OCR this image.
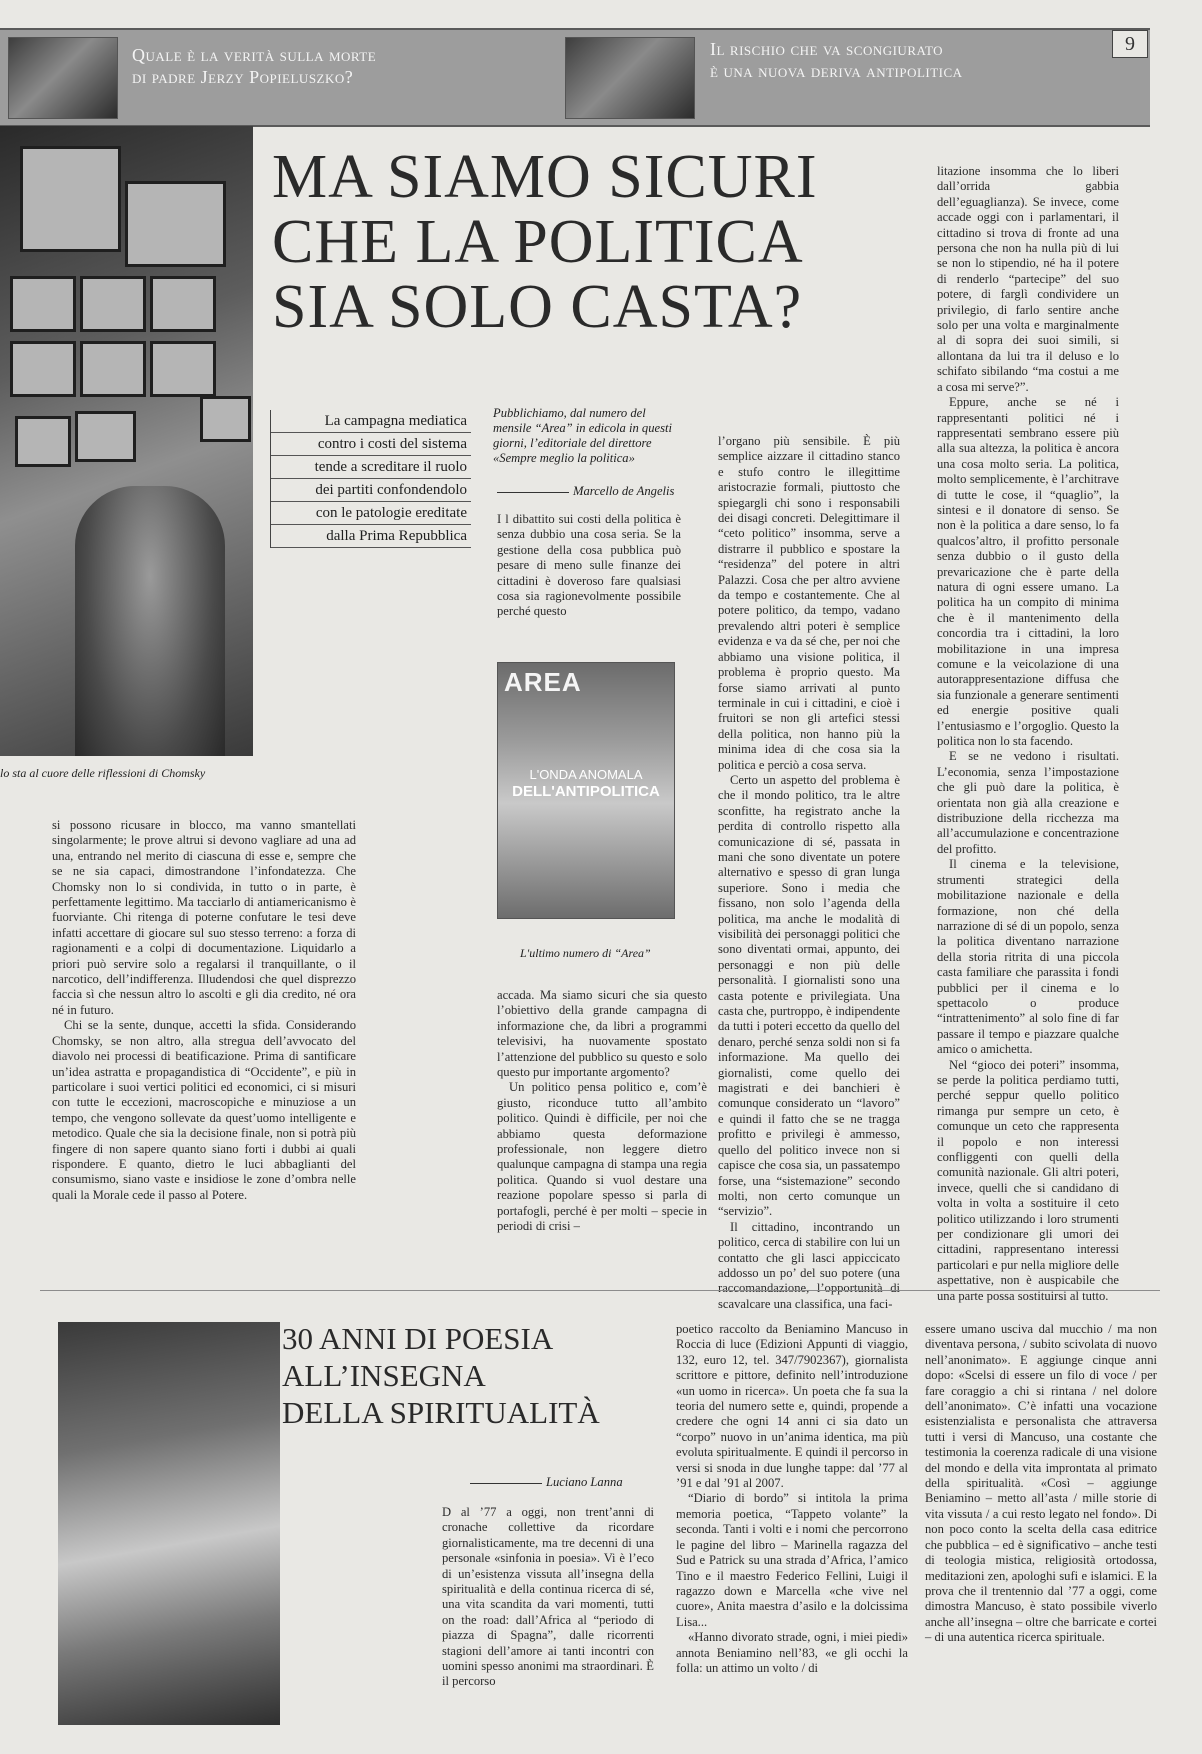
Quale è la verità sulla morte
di padre Jerzy Popieluszko?
Il rischio che va scongiurato
è una nuova deriva antipolitica
9
lo sta al cuore delle riflessioni di Chomsky
MA SIAMO SICURI
CHE LA POLITICA
SIA SOLO CASTA?
La campagna mediatica
contro i costi del sistema
tende a screditare il ruolo
dei partiti confondendolo
con le patologie ereditate
dalla Prima Repubblica
Pubblichiamo, dal numero del mensile “Area” in edicola in questi giorni, l’editoriale del direttore «Sempre meglio la politica»
Marcello de Angelis

I l dibattito sui costi della politica è senza dubbio una cosa seria. Se la gestione della cosa pubblica può pesare di meno sulle finanze dei cittadini è doveroso fare qualsiasi cosa sia ragionevolmente possibile perché questo

AREA
L'ONDA ANOMALA
DELL'ANTIPOLITICA
L'ultimo numero di “Area”

si possono ricusare in blocco, ma vanno smantellati singolarmente; le prove altrui si devono vagliare ad una ad una, entrando nel merito di ciascuna di esse e, sempre che se ne sia capaci, dimostrandone l’infondatezza. Che Chomsky non lo si condivida, in tutto o in parte, è perfettamente legittimo. Ma tacciarlo di antiamericanismo è fuorviante. Chi ritenga di poterne confutare le tesi deve infatti accettare di giocare sul suo stesso terreno: a forza di ragionamenti e a colpi di documentazione. Liquidarlo a priori può servire solo a regalarsi il tranquillante, o il narcotico, dell’indifferenza. Illudendosi che quel disprezzo faccia sì che nessun altro lo ascolti e gli dia credito, né ora né in futuro.

Chi se la sente, dunque, accetti la sfida. Considerando Chomsky, se non altro, alla stregua dell’avvocato del diavolo nei processi di beatificazione. Prima di santificare un’idea astratta e propagandistica di “Occidente”, e più in particolare i suoi vertici politici ed economici, ci si misuri con tutte le eccezioni, macroscopiche e minuziose a un tempo, che vengono sollevate da quest’uomo intelligente e metodico. Quale che sia la decisione finale, non si potrà più fingere di non sapere quanto siano forti i dubbi ai quali rispondere. E quanto, dietro le luci abbaglianti del consumismo, siano vaste e insidiose le zone d’ombra nelle quali la Morale cede il passo al Potere.

accada. Ma siamo sicuri che sia questo l’obiettivo della grande campagna di informazione che, da libri a programmi televisivi, ha nuovamente spostato l’attenzione del pubblico su questo e solo questo pur importante argomento?

Un politico pensa politico e, com’è giusto, riconduce tutto all’ambito politico. Quindi è difficile, per noi che abbiamo questa deformazione professionale, non leggere dietro qualunque campagna di stampa una regia politica. Quando si vuol destare una reazione popolare spesso si parla di portafogli, perché è per molti – specie in periodi di crisi –

l’organo più sensibile. È più semplice aizzare il cittadino stanco e stufo contro le illegittime aristocrazie formali, piuttosto che spiegargli chi sono i responsabili dei disagi concreti. Delegittimare il “ceto politico” insomma, serve a distrarre il pubblico e spostare la “residenza” del potere in altri Palazzi. Cosa che per altro avviene da tempo e costantemente. Che al potere politico, da tempo, vadano prevalendo altri poteri è semplice evidenza e va da sé che, per noi che abbiamo una visione politica, il problema è proprio questo. Ma forse siamo arrivati al punto terminale in cui i cittadini, e cioè i fruitori se non gli artefici stessi della politica, non hanno più la minima idea di che cosa sia la politica e perciò a cosa serva.

Certo un aspetto del problema è che il mondo politico, tra le altre sconfitte, ha registrato anche la perdita di controllo rispetto alla comunicazione di sé, passata in mani che sono diventate un potere alternativo e spesso di gran lunga superiore. Sono i media che fissano, non solo l’agenda della politica, ma anche le modalità di visibilità dei personaggi politici che sono diventati ormai, appunto, dei personaggi e non più delle personalità. I giornalisti sono una casta potente e privilegiata. Una casta che, purtroppo, è indipendente da tutti i poteri eccetto da quello del denaro, perché senza soldi non si fa informazione. Ma quello dei giornalisti, come quello dei magistrati e dei banchieri è comunque considerato un “lavoro” e quindi il fatto che se ne tragga profitto e privilegi è ammesso, quello del politico invece non si capisce che cosa sia, un passatempo forse, una “sistemazione” secondo molti, non certo comunque un “servizio”.

Il cittadino, incontrando un politico, cerca di stabilire con lui un contatto che gli lasci appiccicato addosso un po’ del suo potere (una raccomandazione, l’opportunità di scavalcare una classifica, una faci-

litazione insomma che lo liberi dall’orrida gabbia dell’eguaglianza). Se invece, come accade oggi con i parlamentari, il cittadino si trova di fronte ad una persona che non ha nulla più di lui se non lo stipendio, né ha il potere di renderlo “partecipe” del suo potere, di farglì condividere un privilegio, di farlo sentire anche solo per una volta e marginalmente al di sopra dei suoi simili, si allontana da lui tra il deluso e lo schifato sibilando “ma costui a me a cosa mi serve?”.

Eppure, anche se né i rappresentanti politici né i rappresentati sembrano essere più alla sua altezza, la politica è ancora una cosa molto seria. La politica, molto semplicemente, è l’architrave di tutte le cose, il “quaglio”, la sintesi e il donatore di senso. Se non è la politica a dare senso, lo fa qualcos’altro, il profitto personale senza dubbio o il gusto della prevaricazione che è parte della natura di ogni essere umano. La politica ha un compito di minima che è il mantenimento della concordia tra i cittadini, la loro mobilitazione in una impresa comune e la veicolazione di una autorappresentazione diffusa che sia funzionale a generare sentimenti ed energie positive quali l’entusiasmo e l’orgoglio. Questo la politica non lo sta facendo.

E se ne vedono i risultati. L’economia, senza l’impostazione che gli può dare la politica, è orientata non già alla creazione e distribuzione della ricchezza ma all’accumulazione e concentrazione del profitto.

Il cinema e la televisione, strumenti strategici della mobilitazione nazionale e della formazione, non ché della narrazione di sé di un popolo, senza la politica diventano narrazione della storia ritrita di una piccola casta familiare che parassita i fondi pubblici per il cinema e lo spettacolo o produce “intrattenimento” al solo fine di far passare il tempo e piazzare qualche amico o amichetta.

Nel “gioco dei poteri” insomma, se perde la politica perdiamo tutti, perché seppur quello politico rimanga pur sempre un ceto, è comunque un ceto che rappresenta il popolo e non interessi confliggenti con quelli della comunità nazionale. Gli altri poteri, invece, quelli che si candidano di volta in volta a sostituire il ceto politico utilizzando i loro strumenti per condizionare gli umori dei cittadini, rappresentano interessi particolari e pur nella migliore delle aspettative, non è auspicabile che una parte possa sostituirsi al tutto.

30 ANNI DI POESIA
ALL’INSEGNA
DELLA SPIRITUALITÀ
Luciano Lanna

D al ’77 a oggi, non trent’anni di cronache collettive da ricordare giornalisticamente, ma tre decenni di una personale «sinfonia in poesia». Vi è l’eco di un’esistenza vissuta all’insegna della spiritualità e della continua ricerca di sé, una vita scandita da vari momenti, tutti on the road: dall’Africa al “periodo di piazza di Spagna”, dalle ricorrenti stagioni dell’amore ai tanti incontri con uomini spesso anonimi ma straordinari. È il percorso

poetico raccolto da Beniamino Mancuso in Roccia di luce (Edizioni Appunti di viaggio, 132, euro 12, tel. 347/7902367), giornalista scrittore e pittore, definito nell’introduzione «un uomo in ricerca». Un poeta che fa sua la teoria del numero sette e, quindi, propende a credere che ogni 14 anni ci sia dato un “corpo” nuovo in un’anima identica, ma più evoluta spiritualmente. E quindi il percorso in versi si snoda in due lunghe tappe: dal ’77 al ’91 e dal ’91 al 2007.

“Diario di bordo” si intitola la prima memoria poetica, “Tappeto volante” la seconda. Tanti i volti e i nomi che percorrono le pagine del libro – Marinella ragazza del Sud e Patrick su una strada d’Africa, l’amico Tino e il maestro Federico Fellini, Luigi il ragazzo down e Marcella «che vive nel cuore», Anita maestra d’asilo e la dolcissima Lisa...

«Hanno divorato strade, ogni, i miei piedi» annota Beniamino nell’83, «e gli occhi la folla: un attimo un volto / di

essere umano usciva dal mucchio / ma non diventava persona, / subito scivolata di nuovo nell’anonimato». E aggiunge cinque anni dopo: «Scelsi di essere un filo di voce / per fare coraggio a chi si rintana / nel dolore dell’anonimato». C’è infatti una vocazione esistenzialista e personalista che attraversa tutti i versi di Mancuso, una costante che testimonia la coerenza radicale di una visione del mondo e della vita improntata al primato della spiritualità. «Così – aggiunge Beniamino – metto all’asta / mille storie di vita vissuta / a cui resto legato nel fondo». Di non poco conto la scelta della casa editrice che pubblica – ed è significativo – anche testi di teologia mistica, religiosità ortodossa, meditazioni zen, apologhi sufi e islamici. E la prova che il trentennio dal ’77 a oggi, come dimostra Mancuso, è stato possibile viverlo anche all’insegna – oltre che barricate e cortei – di una autentica ricerca spirituale.
